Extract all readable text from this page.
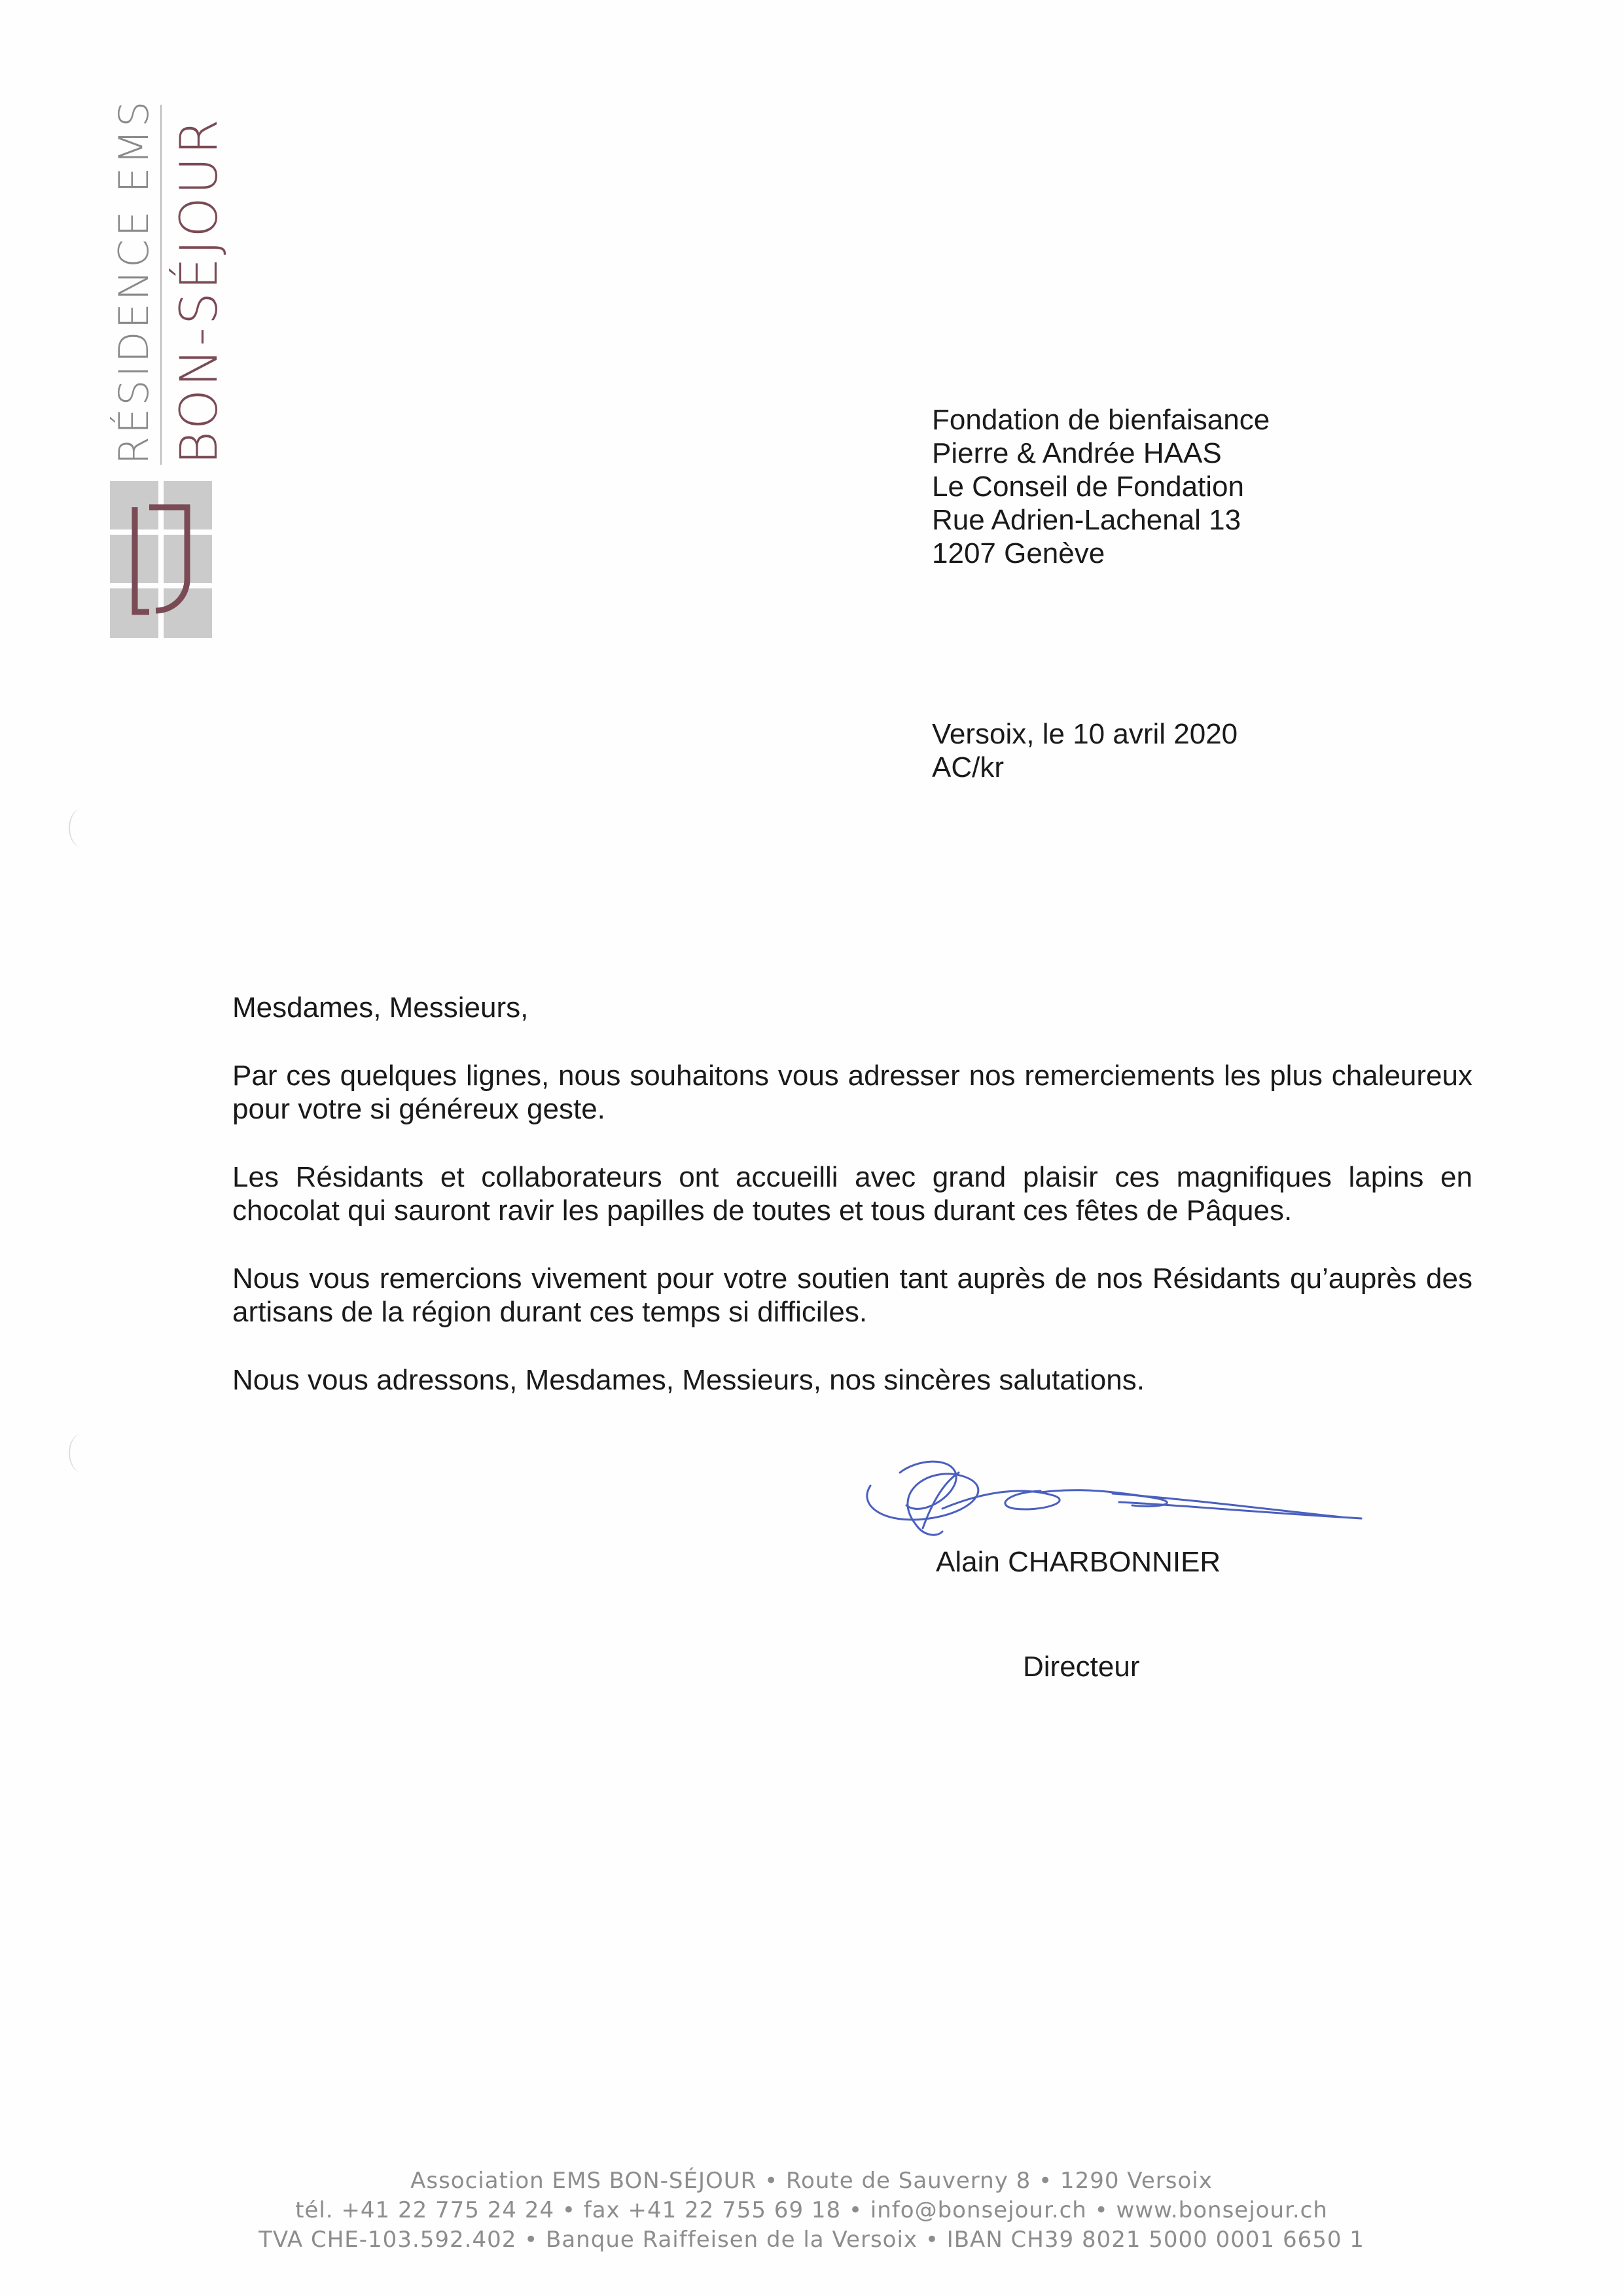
RÉSIDENCE EMS BON-SÉJOUR	Fondation de bienfaisance
Pierre & Andrée HAAS
Le Conseil de Fondation
Rue Adrien-Lachenal 13
1207 Genève
Versoix, le 10 avril 2020
AC/kr

Mesdames, Messieurs,

Par ces quelques lignes, nous souhaitons vous adresser nos remerciements les plus chaleureux pour votre si généreux geste.

Les Résidants et collaborateurs ont accueilli avec grand plaisir ces magnifiques lapins en chocolat qui sauront ravir les papilles de toutes et tous durant ces fêtes de Pâques.

Nous vous remercions vivement pour votre soutien tant auprès de nos Résidants qu’auprès des artisans de la région durant ces temps si difficiles.

Nous vous adressons, Mesdames, Messieurs, nos sincères salutations.

Alain CHARBONNIER
Directeur
Association EMS BON-SÉJOUR • Route de Sauverny 8 • 1290 Versoix
tél. +41 22 775 24 24 • fax +41 22 755 69 18 • info@bonsejour.ch • www.bonsejour.ch
TVA CHE-103.592.402 • Banque Raiffeisen de la Versoix • IBAN CH39 8021 5000 0001 6650 1
